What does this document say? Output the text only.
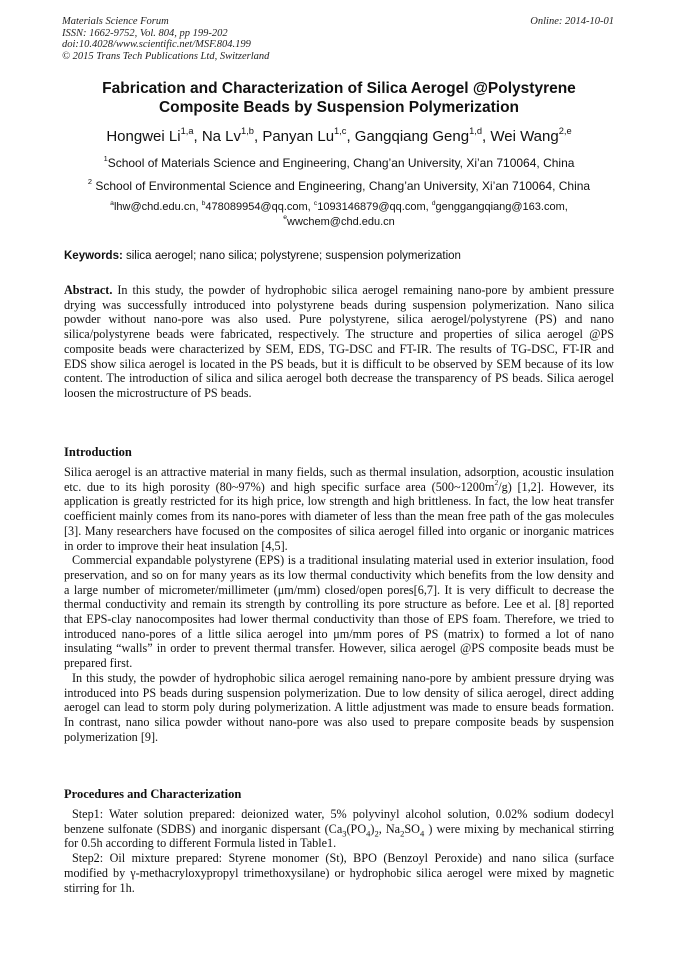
Materials Science Forum
ISSN: 1662-9752, Vol. 804, pp 199-202
doi:10.4028/www.scientific.net/MSF.804.199
© 2015 Trans Tech Publications Ltd, Switzerland
Online: 2014-10-01
Fabrication and Characterization of Silica Aerogel @Polystyrene
Composite Beads by Suspension Polymerization
Hongwei Li$^{1,a}$, Na Lv$^{1,b}$, Panyan Lu$^{1,c}$, Gangqiang Geng$^{1,d}$, Wei Wang$^{2,e}$
$^1$School of Materials Science and Engineering, Chang’an University, Xi’an 710064, China
$^2$ School of Environmental Science and Engineering, Chang’an University, Xi’an 710064, China
$^a$lhw@chd.edu.cn, $^b$478089954@qq.com, $^c$1093146879@qq.com, $^d$genggangqiang@163.com,
$^e$wwchem@chd.edu.cn
Keywords: silica aerogel; nano silica; polystyrene; suspension polymerization

Abstract. In this study, the powder of hydrophobic silica aerogel remaining nano-pore by ambient pressure drying was successfully introduced into polystyrene beads during suspension polymerization. Nano silica powder without nano-pore was also used. Pure polystyrene, silica aerogel/polystyrene (PS) and nano silica/polystyrene beads were fabricated, respectively. The structure and properties of silica aerogel @PS composite beads were characterized by SEM, EDS, TG-DSC and FT-IR. The results of TG-DSC, FT-IR and EDS show silica aerogel is located in the PS beads, but it is difficult to be observed by SEM because of its low content. The introduction of silica and silica aerogel both decrease the transparency of PS beads. Silica aerogel loosen the microstructure of PS beads.

Introduction

Silica aerogel is an attractive material in many fields, such as thermal insulation, adsorption, acoustic insulation etc. due to its high porosity (80~97%) and high specific surface area $(500\sim 1200m^2/g)$ [1,2]. However, its application is greatly restricted for its high price, low strength and high brittleness. In fact, the low heat transfer coefficient mainly comes from its nano-pores with diameter of less than the mean free path of the gas molecules [3]. Many researchers have focused on the composites of silica aerogel filled into organic or inorganic matrices in order to improve their heat insulation [4,5].

Commercial expandable polystyrene (EPS) is a traditional insulating material used in exterior insulation, food preservation, and so on for many years as its low thermal conductivity which benefits from the low density and a large number of micrometer/millimeter (μm/mm) closed/open pores[6,7]. It is very difficult to decrease the thermal conductivity and remain its strength by controlling its pore structure as before. Lee et al. [8] reported that EPS-clay nanocomposites had lower thermal conductivity than those of EPS foam. Therefore, we tried to introduced nano-pores of a little silica aerogel into μm/mm pores of PS (matrix) to formed a lot of nano insulating “walls” in order to prevent thermal transfer. However, silica aerogel @PS composite beads must be prepared first.

In this study, the powder of hydrophobic silica aerogel remaining nano-pore by ambient pressure drying was introduced into PS beads during suspension polymerization. Due to low density of silica aerogel, direct adding aerogel can lead to storm poly during polymerization. A little adjustment was made to ensure beads formation. In contrast, nano silica powder without nano-pore was also used to prepare composite beads by suspension polymerization [9].

Procedures and Characterization

Step1: Water solution prepared: deionized water, 5% polyvinyl alcohol solution, 0.02% sodium dodecyl benzene sulfonate (SDBS) and inorganic dispersant ($Ca_3(PO_4)_2$, $Na_2SO_4$ ) were mixing by mechanical stirring for 0.5h according to different Formula listed in Table1.

Step2: Oil mixture prepared: Styrene monomer (St), BPO (Benzoyl Peroxide) and nano silica (surface modified by γ-methacryloxypropyl trimethoxysilane) or hydrophobic silica aerogel were mixed by magnetic stirring for 1h.
